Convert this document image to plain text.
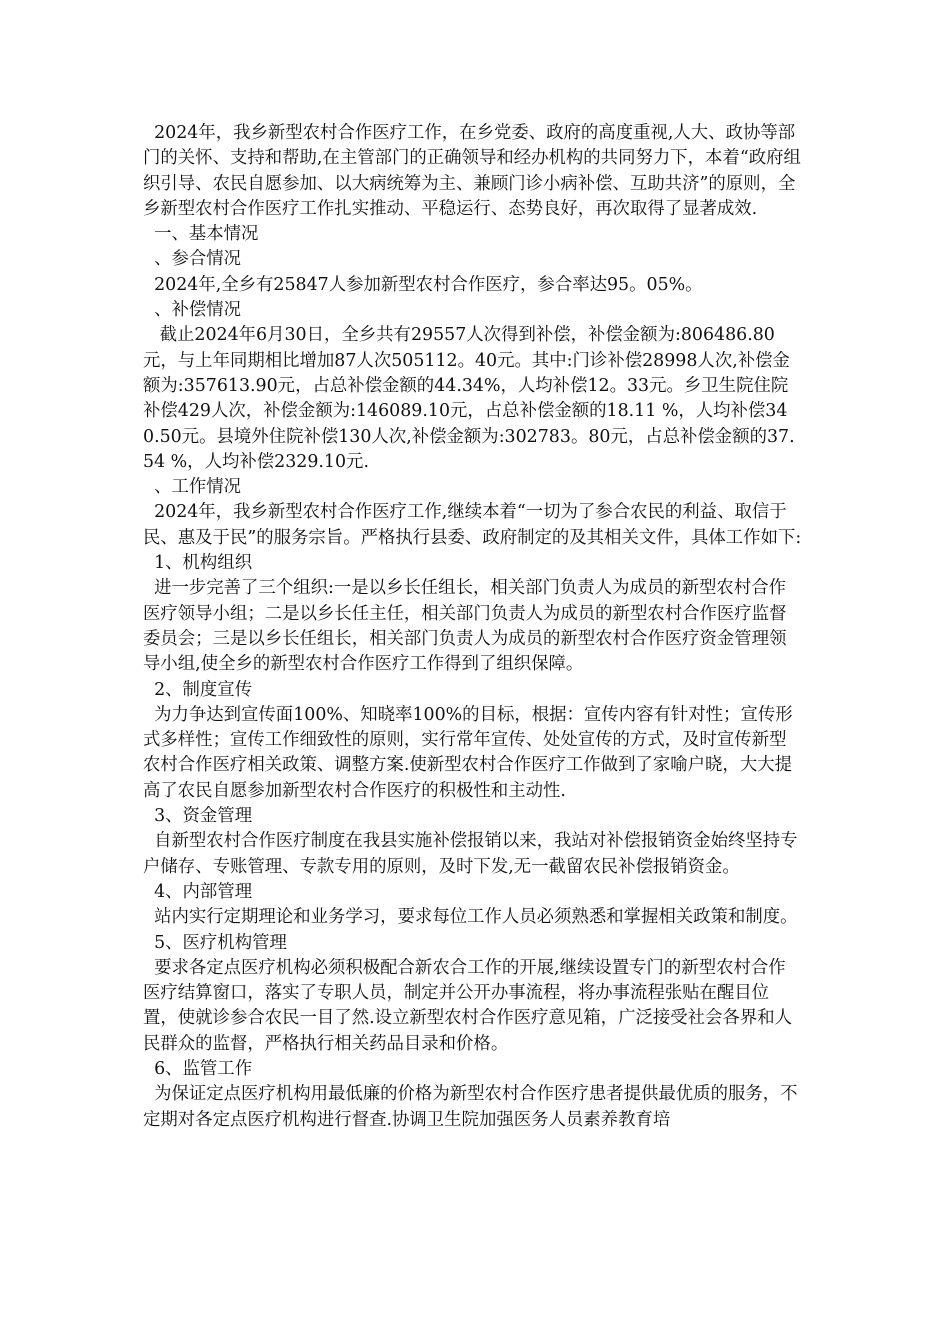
2024年，我乡新型农村合作医疗工作，在乡党委、政府的高度重视,人大、政协等部门的关怀、支持和帮助,在主管部门的正确领导和经办机构的共同努力下，本着“政府组织引导、农民自愿参加、以大病统筹为主、兼顾门诊小病补偿、互助共济”的原则，全乡新型农村合作医疗工作扎实推动、平稳运行、态势良好，再次取得了显著成效.

一、基本情况

、参合情况

2024年,全乡有25847人参加新型农村合作医疗，参合率达95。05%。

、补偿情况

截止2024年6月30日，全乡共有29557人次得到补偿，补偿金额为:806486.80元，与上年同期相比增加87人次505112。40元。其中:门诊补偿28998人次,补偿金额为:357613.90元，占总补偿金额的44.34%，人均补偿12。33元。乡卫生院住院补偿429人次，补偿金额为:146089.10元，占总补偿金额的18.11 %，人均补偿340.50元。县境外住院补偿130人次,补偿金额为:302783。80元，占总补偿金额的37.54 %，人均补偿2329.10元.

、工作情况

2024年，我乡新型农村合作医疗工作,继续本着“一切为了参合农民的利益、取信于民、惠及于民”的服务宗旨。严格执行县委、政府制定的及其相关文件，具体工作如下:

1、机构组织

进一步完善了三个组织:一是以乡长任组长，相关部门负责人为成员的新型农村合作医疗领导小组；二是以乡长任主任，相关部门负责人为成员的新型农村合作医疗监督委员会；三是以乡长任组长，相关部门负责人为成员的新型农村合作医疗资金管理领导小组,使全乡的新型农村合作医疗工作得到了组织保障。

2、制度宣传

为力争达到宣传面100%、知晓率100%的目标，根据：宣传内容有针对性；宣传形式多样性；宣传工作细致性的原则，实行常年宣传、处处宣传的方式，及时宣传新型农村合作医疗相关政策、调整方案.使新型农村合作医疗工作做到了家喻户晓，大大提高了农民自愿参加新型农村合作医疗的积极性和主动性.

3、资金管理

自新型农村合作医疗制度在我县实施补偿报销以来，我站对补偿报销资金始终坚持专户储存、专账管理、专款专用的原则，及时下发,无一截留农民补偿报销资金。

4、内部管理

站内实行定期理论和业务学习，要求每位工作人员必须熟悉和掌握相关政策和制度。

5、医疗机构管理

要求各定点医疗机构必须积极配合新农合工作的开展,继续设置专门的新型农村合作医疗结算窗口，落实了专职人员，制定并公开办事流程，将办事流程张贴在醒目位置，使就诊参合农民一目了然.设立新型农村合作医疗意见箱，广泛接受社会各界和人民群众的监督，严格执行相关药品目录和价格。

6、监管工作

为保证定点医疗机构用最低廉的价格为新型农村合作医疗患者提供最优质的服务，不定期对各定点医疗机构进行督查.协调卫生院加强医务人员素养教育培
